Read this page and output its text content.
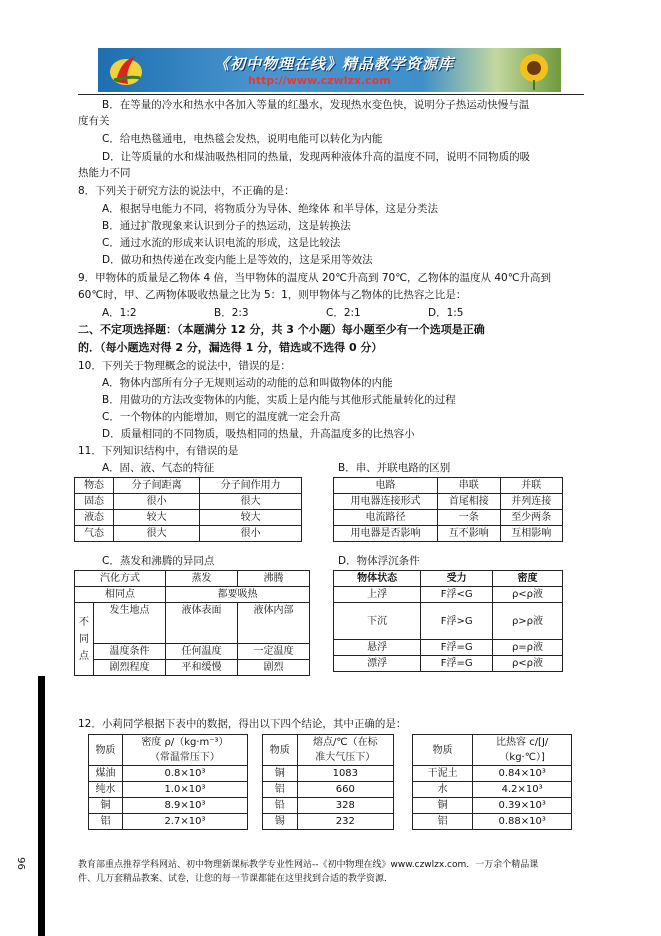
《初中物理在线》精品教学资源库
http://www.czwlzx.com
B．在等量的冷水和热水中各加入等量的红墨水，发现热水变色快，说明分子热运动快慢与温
度有关
C．给电热毯通电，电热毯会发热，说明电能可以转化为内能
D．让等质量的水和煤油吸热相同的热量，发现两种液体升高的温度不同，说明不同物质的吸
热能力不同
8．下列关于研究方法的说法中，不正确的是：
A．根据导电能力不同，将物质分为导体、绝缘体 和半导体，这是分类法
B．通过扩散现象来认识到分子的热运动，这是转换法
C．通过水流的形成来认识电流的形成，这是比较法
D．做功和热传递在改变内能上是等效的，这是采用等效法
9．甲物体的质量是乙物体 4 倍，当甲物体的温度从 20℃升高到 70℃，乙物体的温度从 40℃升高到
60℃时，甲、乙两物体吸收热量之比为 5：1，则甲物体与乙物体的比热容之比是：
A．1:2	B．2:3	C．2:1	D．1:5
二、不定项选择题：（本题满分 12 分，共 3 个小题）每小题至少有一个选项是正确
的．（每小题选对得 2 分，漏选得 1 分，错选或不选得 0 分）
10．下列关于物理概念的说法中，错误的是：
A．物体内部所有分子无规则运动的动能的总和叫做物体的内能
B．用做功的方法改变物体的内能，实质上是内能与其他形式能量转化的过程
C．一个物体的内能增加，则它的温度就一定会升高
D．质量相同的不同物质，吸热相同的热量，升高温度多的比热容小
11．下列知识结构中，有错误的是
A．固、液、气态的特征	B．串、并联电路的区别
物态	分子间距离	分子间作用力
固态	很小	很大
液态	较大	较大
气态	很大	很小
电路	串联	并联
用电器连接形式	首尾相接	并列连接
电流路径	一条	至少两条
用电器是否影响	互不影响	互相影响
C．蒸发和沸腾的异同点	D．物体浮沉条件
汽化方式		蒸发	沸腾
相同点		都要吸热	

不
同
点	发生地点	液体表面	液体内部
	温度条件	任何温度	一定温度
	剧烈程度	平和缓慢	剧烈
物体状态	受力	密度
上浮	F浮<G	ρ<ρ液
下沉	F浮>G	ρ>ρ液
悬浮	F浮=G	ρ=ρ液
漂浮	F浮=G	ρ<ρ液
12．小莉同学根据下表中的数据，得出以下四个结论，其中正确的是：
物质	密度 ρ/（kg·m⁻³）
	（常温常压下）
煤油	0.8×10³
纯水	1.0×10³
铜	8.9×10³
铝	2.7×10³
物质	熔点/℃（在标
	准大气压下）
铜	1083
铝	660
铅	328
锡	232
物质	比热容 c/[J/
	（kg·℃）]
干泥土	0.84×10³
水	4.2×10³
铜	0.39×10³
铝	0.88×10³
教育部重点推荐学科网站、初中物理新课标教学专业性网站--《初中物理在线》www.czwlzx.com．一万余个精品课
件、几万套精品教案、试卷，让您的每一节课都能在这里找到合适的教学资源．
96
